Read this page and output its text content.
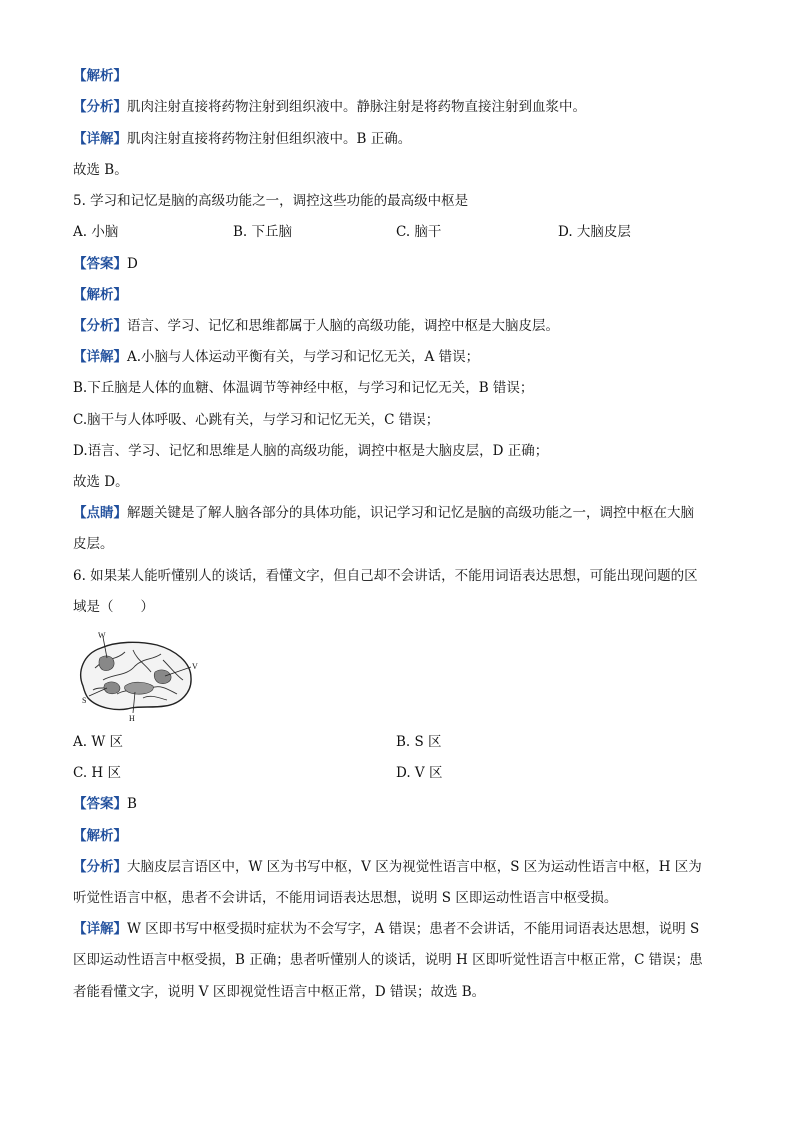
【解析】
【分析】肌肉注射直接将药物注射到组织液中。静脉注射是将药物直接注射到血浆中。
【详解】肌肉注射直接将药物注射但组织液中。B 正确。
故选 B。
5. 学习和记忆是脑的高级功能之一，调控这些功能的最高级中枢是
A. 小脑	B. 下丘脑	C. 脑干	D. 大脑皮层
【答案】D
【解析】
【分析】语言、学习、记忆和思维都属于人脑的高级功能，调控中枢是大脑皮层。
【详解】A.小脑与人体运动平衡有关，与学习和记忆无关，A 错误；
B.下丘脑是人体的血糖、体温调节等神经中枢，与学习和记忆无关，B 错误；
C.脑干与人体呼吸、心跳有关，与学习和记忆无关，C 错误；
D.语言、学习、记忆和思维是人脑的高级功能，调控中枢是大脑皮层，D 正确；
故选 D。
【点睛】解题关键是了解人脑各部分的具体功能，识记学习和记忆是脑的高级功能之一，调控中枢在大脑
皮层。
6. 如果某人能听懂别人的谈话，看懂文字，但自己却不会讲话，不能用词语表达思想，可能出现问题的区
域是（　　）
W
V
S
H
A. W 区	B. S 区
C. H 区	D. V 区
【答案】B
【解析】
【分析】大脑皮层言语区中，W 区为书写中枢，V 区为视觉性语言中枢，S 区为运动性语言中枢，H 区为
听觉性语言中枢，患者不会讲话，不能用词语表达思想，说明 S 区即运动性语言中枢受损。
【详解】W 区即书写中枢受损时症状为不会写字，A 错误；患者不会讲话，不能用词语表达思想，说明 S
区即运动性语言中枢受损，B 正确；患者听懂别人的谈话，说明 H 区即听觉性语言中枢正常，C 错误；患
者能看懂文字，说明 V 区即视觉性语言中枢正常，D 错误；故选 B。
